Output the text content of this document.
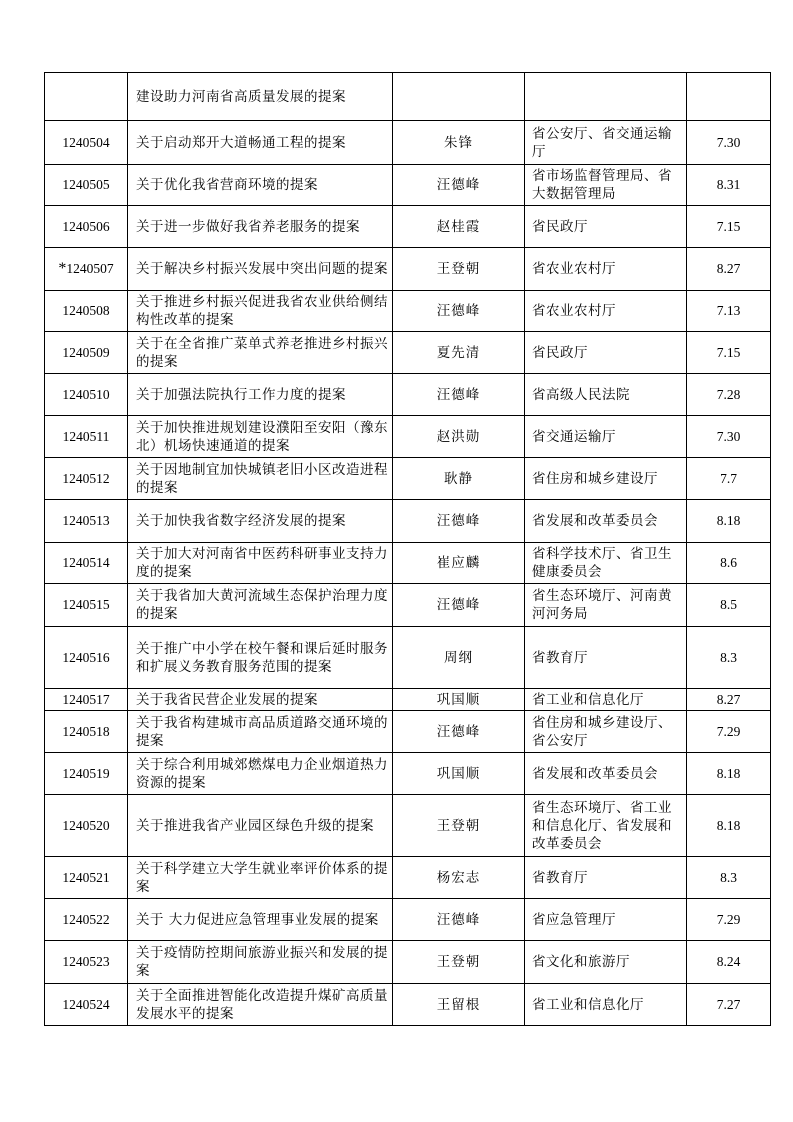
	建设助力河南省高质量发展的提案			
1240504	关于启动郑开大道畅通工程的提案	朱锋	省公安厅、省交通运输厅	7.30
1240505	关于优化我省营商环境的提案	汪德峰	省市场监督管理局、省大数据管理局	8.31
1240506	关于进一步做好我省养老服务的提案	赵桂霞	省民政厅	7.15
*1240507	关于解决乡村振兴发展中突出问题的提案	王登朝	省农业农村厅	8.27
1240508	关于推进乡村振兴促进我省农业供给侧结构性改革的提案	汪德峰	省农业农村厅	7.13
1240509	关于在全省推广菜单式养老推进乡村振兴的提案	夏先清	省民政厅	7.15
1240510	关于加强法院执行工作力度的提案	汪德峰	省高级人民法院	7.28
1240511	关于加快推进规划建设濮阳至安阳（豫东北）机场快速通道的提案	赵洪勋	省交通运输厅	7.30
1240512	关于因地制宜加快城镇老旧小区改造进程的提案	耿静	省住房和城乡建设厅	7.7
1240513	关于加快我省数字经济发展的提案	汪德峰	省发展和改革委员会	8.18
1240514	关于加大对河南省中医药科研事业支持力度的提案	崔应麟	省科学技术厅、省卫生健康委员会	8.6
1240515	关于我省加大黄河流域生态保护治理力度的提案	汪德峰	省生态环境厅、河南黄河河务局	8.5
1240516	关于推广中小学在校午餐和课后延时服务和扩展义务教育服务范围的提案	周纲	省教育厅	8.3
1240517	关于我省民营企业发展的提案	巩国顺	省工业和信息化厅	8.27
1240518	关于我省构建城市高品质道路交通环境的提案	汪德峰	省住房和城乡建设厅、省公安厅	7.29
1240519	关于综合利用城郊燃煤电力企业烟道热力资源的提案	巩国顺	省发展和改革委员会	8.18
1240520	关于推进我省产业园区绿色升级的提案	王登朝	省生态环境厅、省工业和信息化厅、省发展和改革委员会	8.18
1240521	关于科学建立大学生就业率评价体系的提案	杨宏志	省教育厅	8.3
1240522	关于 大力促进应急管理事业发展的提案	汪德峰	省应急管理厅	7.29
1240523	关于疫情防控期间旅游业振兴和发展的提案	王登朝	省文化和旅游厅	8.24
1240524	关于全面推进智能化改造提升煤矿高质量发展水平的提案	王留根	省工业和信息化厅	7.27
